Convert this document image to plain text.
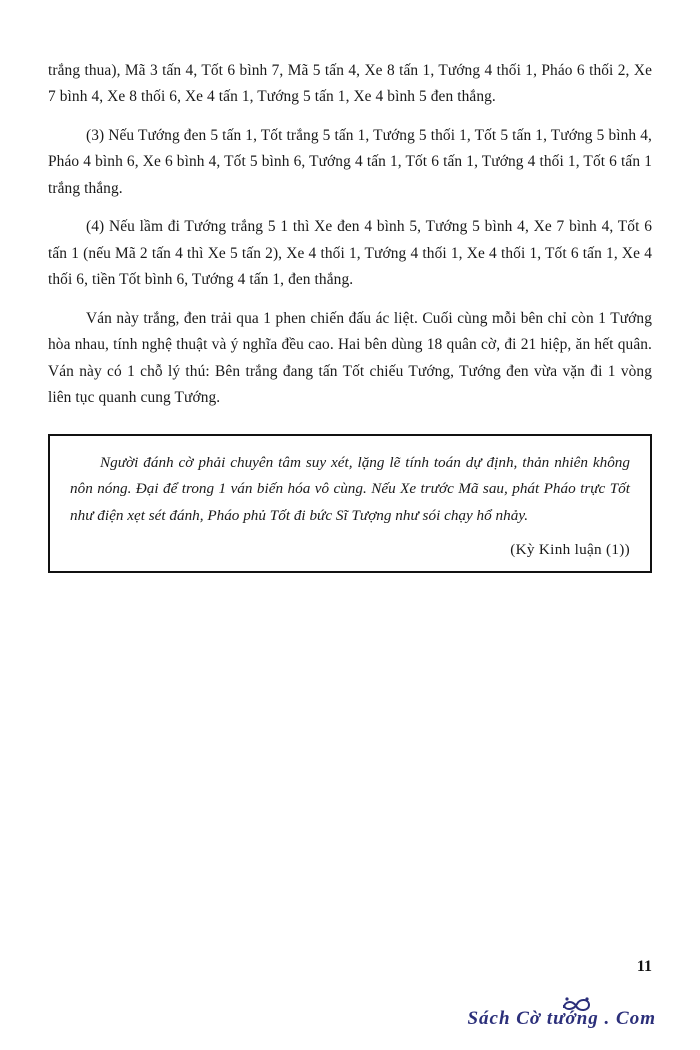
trắng thua), Mã 3 tấn 4, Tốt 6 bình 7, Mã 5 tấn 4, Xe 8 tấn 1, Tướng 4 thối 1, Pháo 6 thối 2, Xe 7 bình 4, Xe 8 thối 6, Xe 4 tấn 1, Tướng 5 tấn 1, Xe 4 bình 5 đen thắng.

(3) Nếu Tướng đen 5 tấn 1, Tốt trắng 5 tấn 1, Tướng 5 thối 1, Tốt 5 tấn 1, Tướng 5 bình 4, Pháo 4 bình 6, Xe 6 bình 4, Tốt 5 bình 6, Tướng 4 tấn 1, Tốt 6 tấn 1, Tướng 4 thối 1, Tốt 6 tấn 1 trắng thắng.

(4) Nếu lầm đi Tướng trắng 5 1 thì Xe đen 4 bình 5, Tướng 5 bình 4, Xe 7 bình 4, Tốt 6 tấn 1 (nếu Mã 2 tấn 4 thì Xe 5 tấn 2), Xe 4 thối 1, Tướng 4 thối 1, Xe 4 thối 1, Tốt 6 tấn 1, Xe 4 thối 6, tiền Tốt bình 6, Tướng 4 tấn 1, đen thắng.

Ván này trắng, đen trải qua 1 phen chiến đấu ác liệt. Cuối cùng mỗi bên chỉ còn 1 Tướng hòa nhau, tính nghệ thuật và ý nghĩa đều cao. Hai bên dùng 18 quân cờ, đi 21 hiệp, ăn hết quân. Ván này có 1 chỗ lý thú: Bên trắng đang tấn Tốt chiếu Tướng, Tướng đen vừa vặn đi 1 vòng liên tục quanh cung Tướng.

Người đánh cờ phải chuyên tâm suy xét, lặng lẽ tính toán dự định, thản nhiên không nôn nóng. Đại để trong 1 ván biến hóa vô cùng. Nếu Xe trước Mã sau, phát Pháo trực Tốt như điện xẹt sét đánh, Pháo phủ Tốt đi bức Sĩ Tượng như sói chạy hổ nhảy.

(Kỳ Kinh luận (1))
11
Sách Cờ tướng . Com
